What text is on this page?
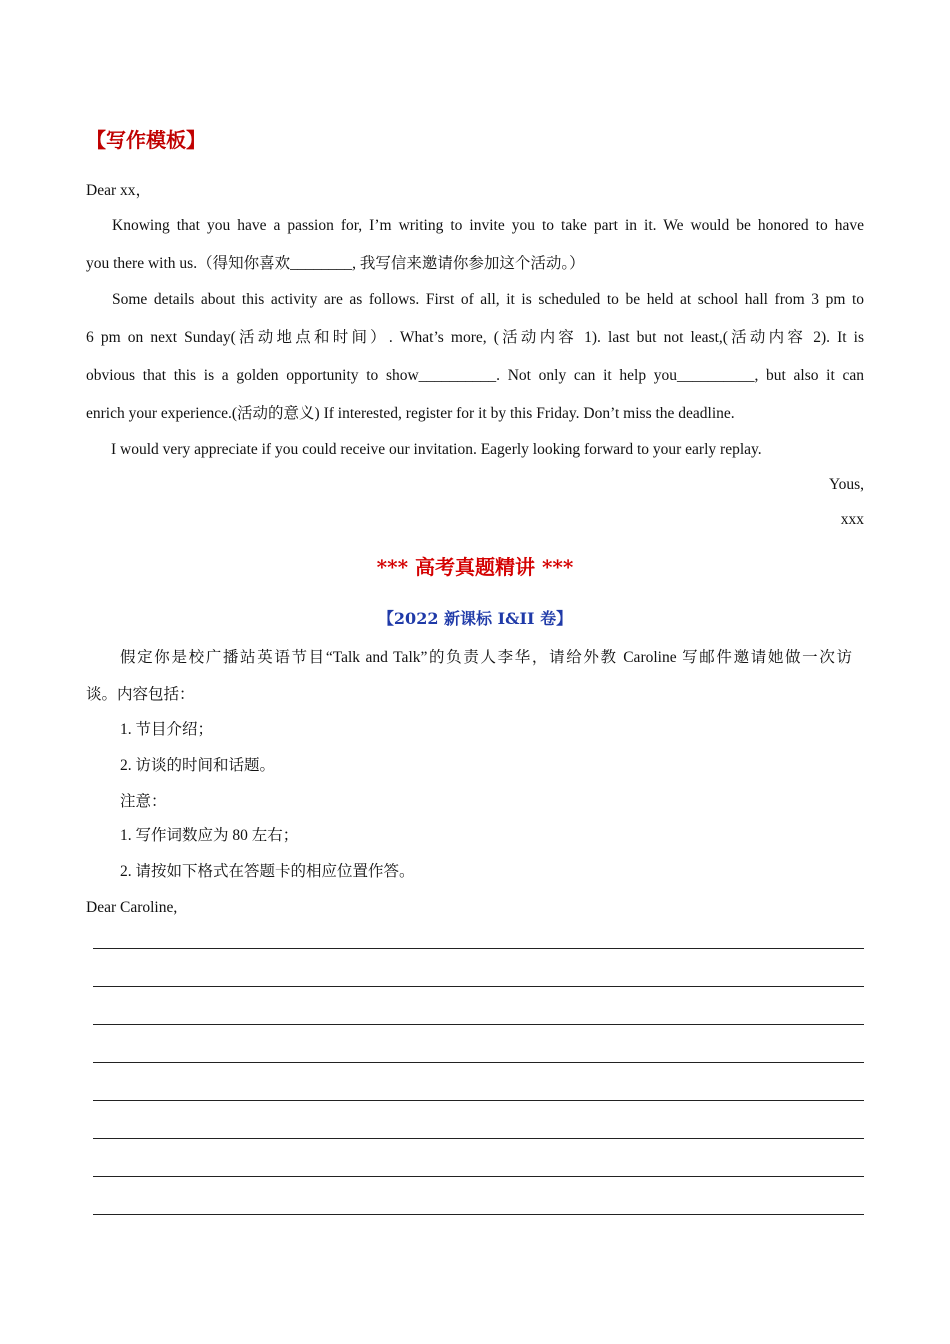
【写作模板】
Dear xx，
Knowing that you have a passion for, I’m writing to invite you to take part in it. We would be honored to have
you there with us.（得知你喜欢________, 我写信来邀请你参加这个活动。）
Some details about this activity are as follows. First of all, it is scheduled to be held at school hall from 3 pm to
6 pm on next Sunday(活动地点和时间）. What’s more, (活动内容 1). last but not least,(活动内容 2). It is
obvious that this is a golden opportunity to show__________. Not only can it help you__________, but also it can
enrich your experience.(活动的意义) If interested, register for it by this Friday. Don’t miss the deadline.
I would very appreciate if you could receive our invitation. Eagerly looking forward to your early replay.
Yous,
xxx
*** 高考真题精讲 ***
【2022 新课标 I&II 卷】
假定你是校广播站英语节目“Talk and Talk”的负责人李华，请给外教 Caroline 写邮件邀请她做一次访
谈。内容包括：
1. 节目介绍；
2. 访谈的时间和话题。
注意：
1. 写作词数应为 80 左右；
2. 请按如下格式在答题卡的相应位置作答。
Dear Caroline,
